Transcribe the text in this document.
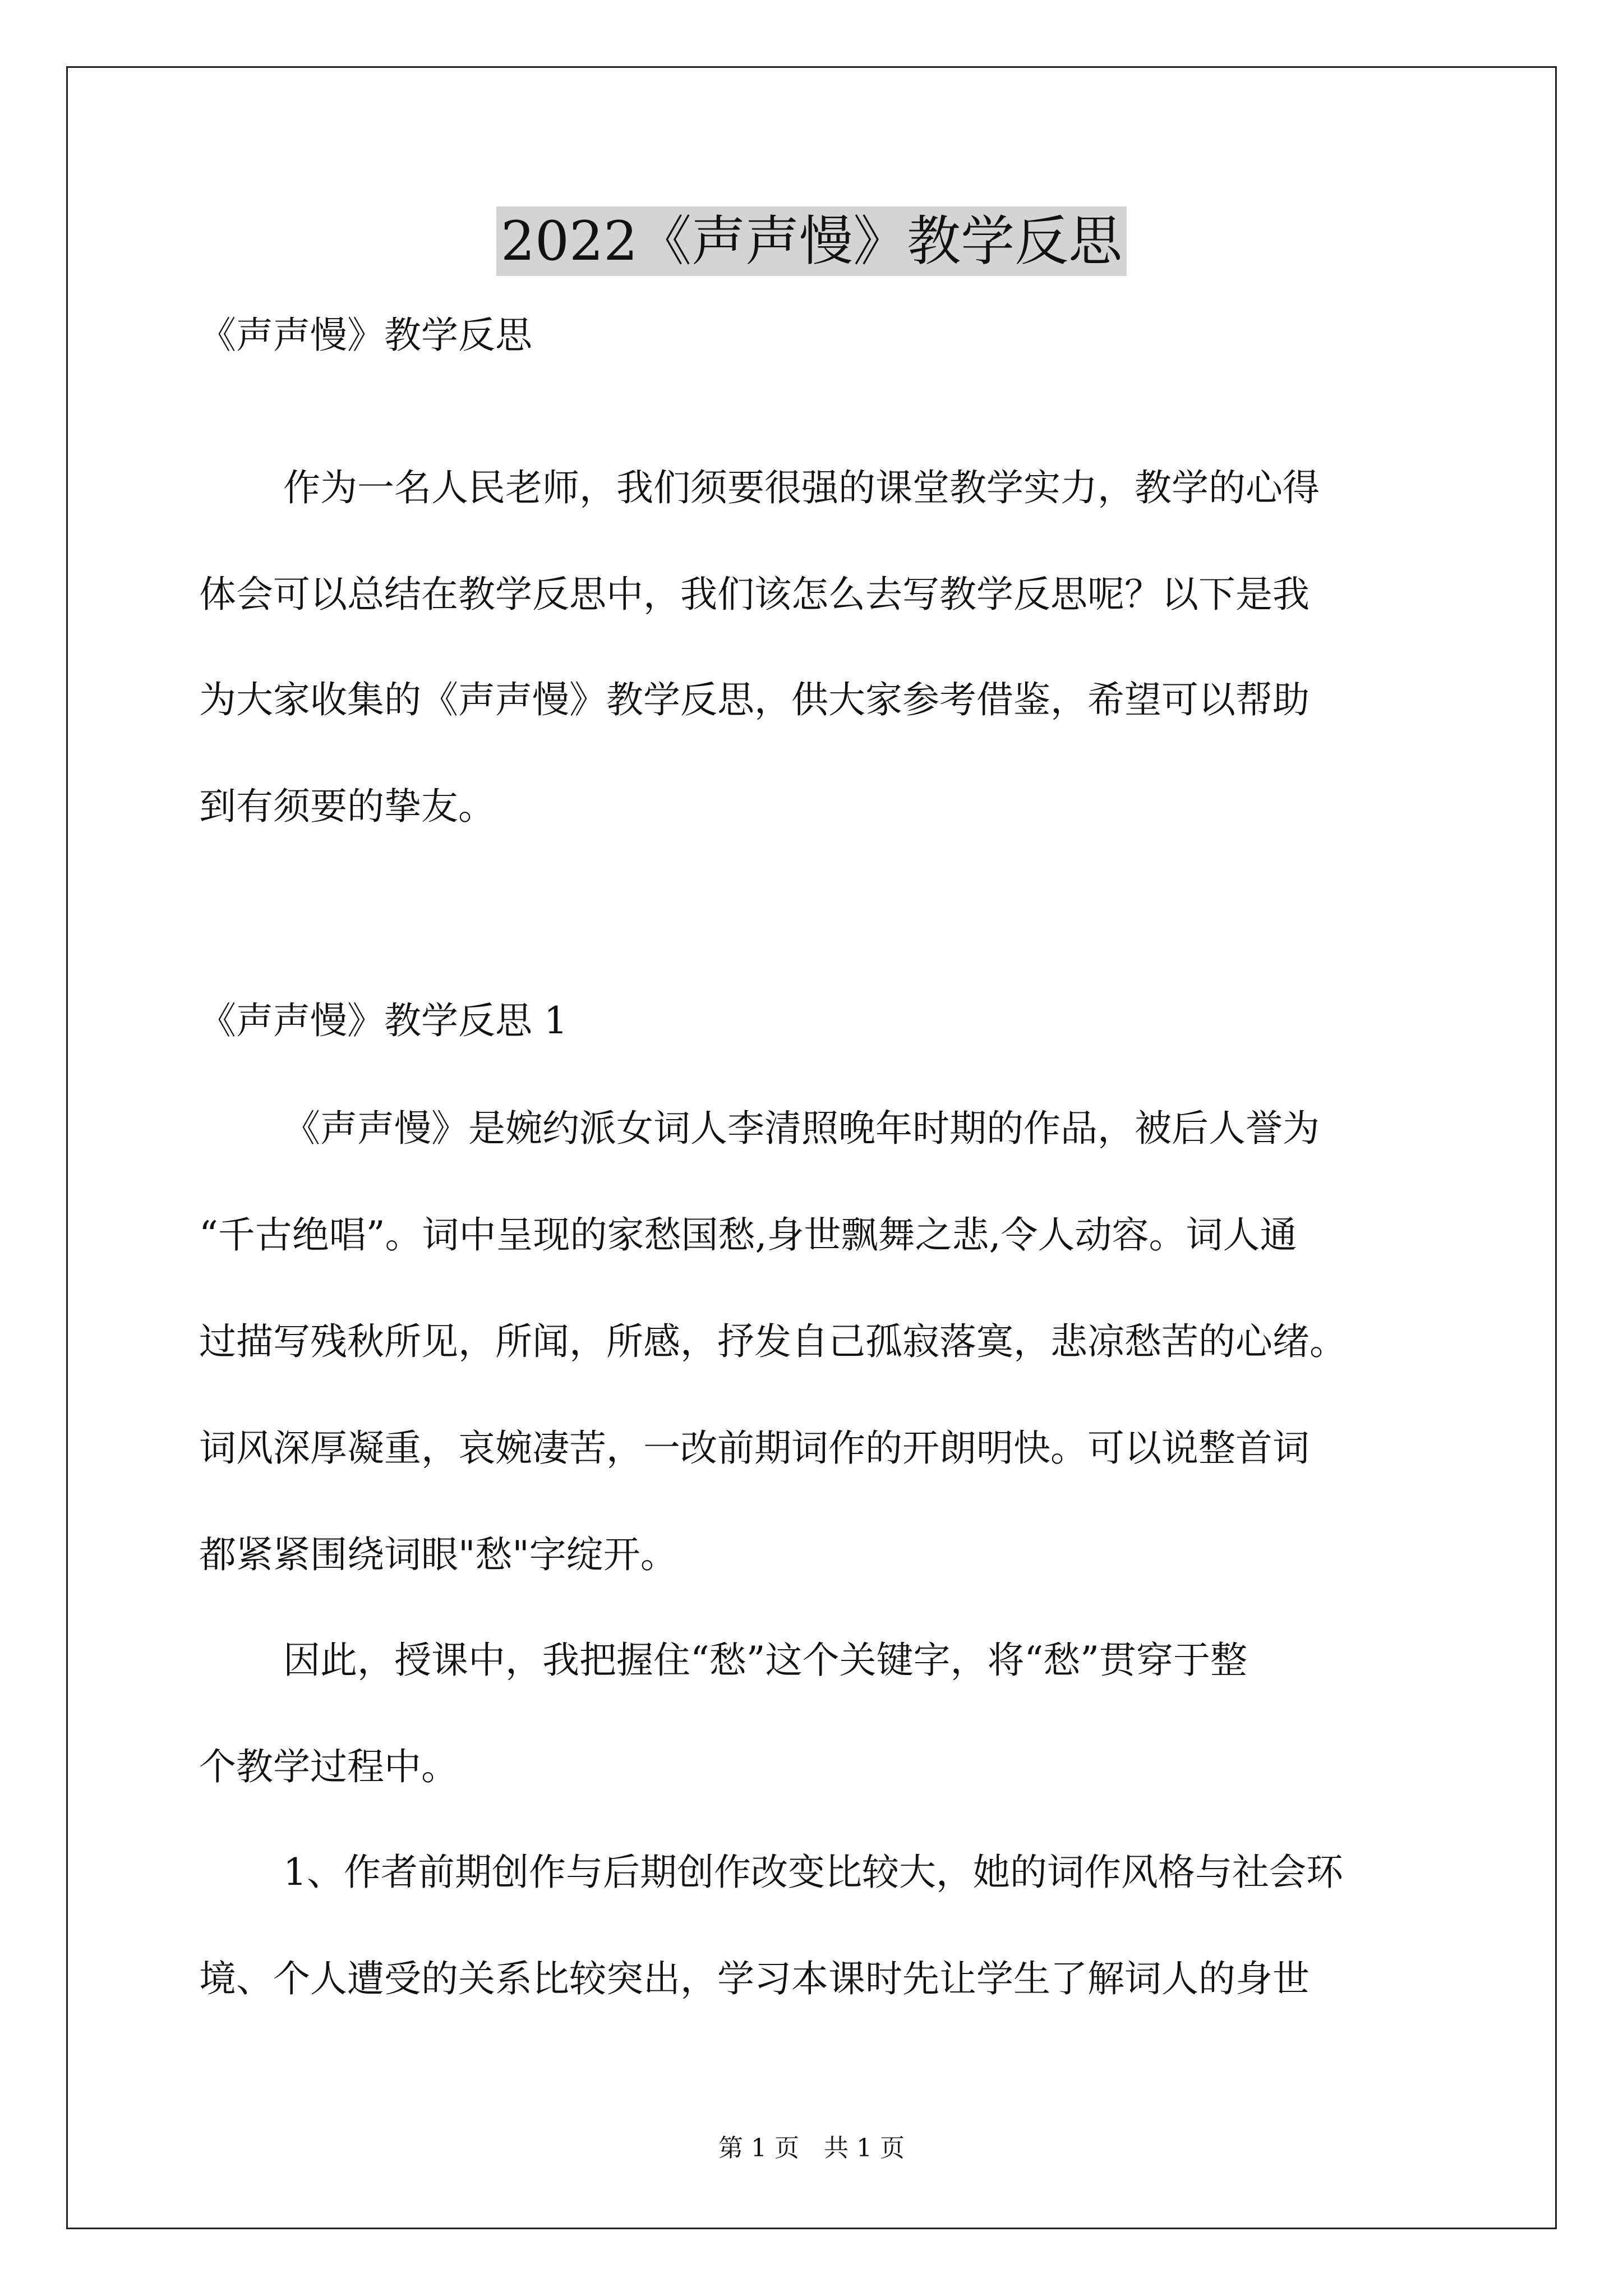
2022《声声慢》教学反思
《声声慢》教学反思
作为一名人民老师，我们须要很强的课堂教学实力，教学的心得
体会可以总结在教学反思中，我们该怎么去写教学反思呢？以下是我
为大家收集的《声声慢》教学反思，供大家参考借鉴，希望可以帮助
到有须要的挚友。
《声声慢》教学反思 1
《声声慢》是婉约派女词人李清照晚年时期的作品，被后人誉为
“千古绝唱”。词中呈现的家愁国愁,身世飘舞之悲,令人动容。词人通
过描写残秋所见，所闻，所感，抒发自己孤寂落寞，悲凉愁苦的心绪。
词风深厚凝重，哀婉凄苦，一改前期词作的开朗明快。可以说整首词
都紧紧围绕词眼"愁"字绽开。
因此，授课中，我把握住“愁”这个关键字，将“愁”贯穿于整
个教学过程中。
1、作者前期创作与后期创作改变比较大，她的词作风格与社会环
境、个人遭受的关系比较突出，学习本课时先让学生了解词人的身世
第 1 页　共 1 页
